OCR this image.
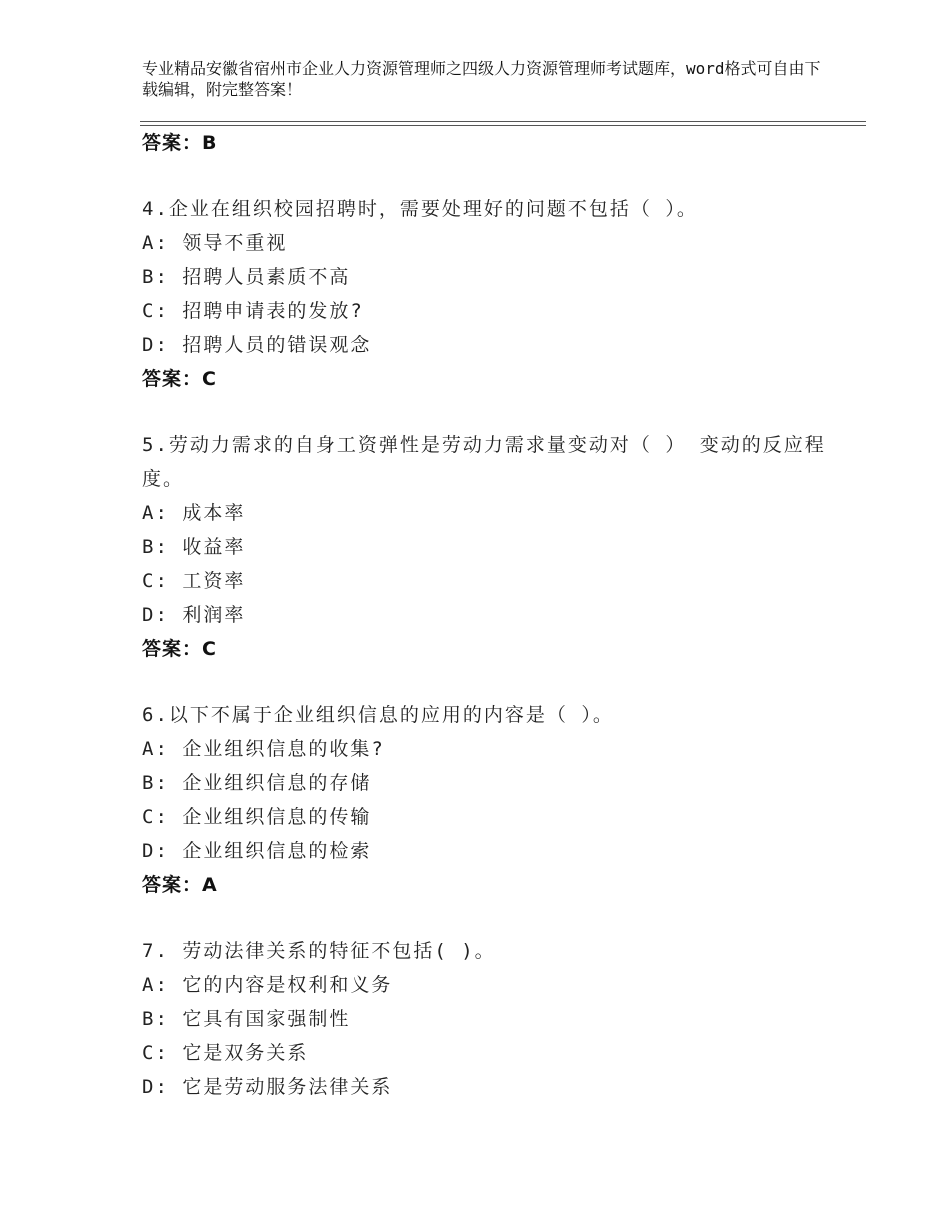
专业精品安徽省宿州市企业人力资源管理师之四级人力资源管理师考试题库，word格式可自由下载编辑，附完整答案！
答案：B
4.企业在组织校园招聘时，需要处理好的问题不包括（ ）。
A: 领导不重视
B: 招聘人员素质不高
C: 招聘申请表的发放?
D: 招聘人员的错误观念
答案：C
5.劳动力需求的自身工资弹性是劳动力需求量变动对（ ） 变动的反应程度。
A: 成本率
B: 收益率
C: 工资率
D: 利润率
答案：C
6.以下不属于企业组织信息的应用的内容是（ ）。
A: 企业组织信息的收集?
B: 企业组织信息的存储
C: 企业组织信息的传输
D: 企业组织信息的检索
答案：A
7. 劳动法律关系的特征不包括( )。
A: 它的内容是权利和义务
B: 它具有国家强制性
C: 它是双务关系
D: 它是劳动服务法律关系
